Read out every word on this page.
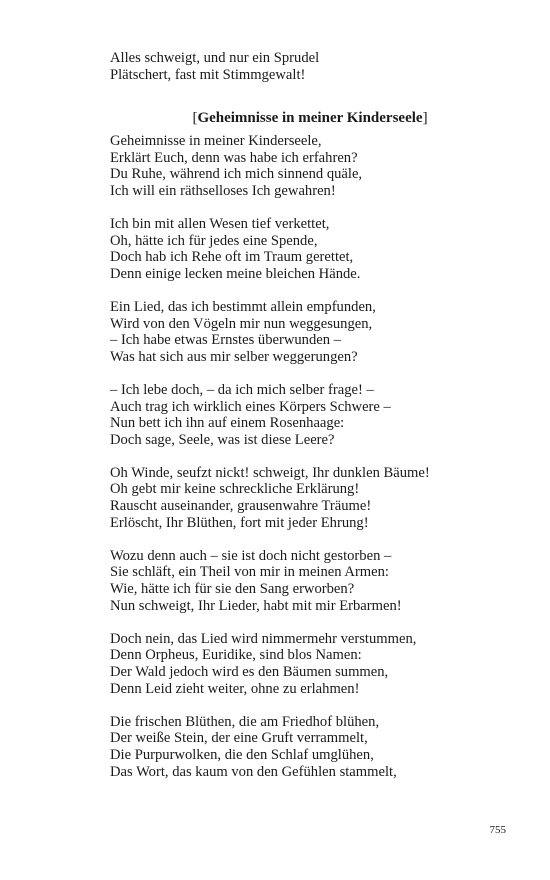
Alles schweigt, und nur ein Sprudel
Plätschert, fast mit Stimmgewalt!
[Geheimnisse in meiner Kinderseele]
Geheimnisse in meiner Kinderseele,
Erklärt Euch, denn was habe ich erfahren?
Du Ruhe, während ich mich sinnend quäle,
Ich will ein räthselloses Ich gewahren!
Ich bin mit allen Wesen tief verkettet,
Oh, hätte ich für jedes eine Spende,
Doch hab ich Rehe oft im Traum gerettet,
Denn einige lecken meine bleichen Hände.
Ein Lied, das ich bestimmt allein empfunden,
Wird von den Vögeln mir nun weggesungen,
– Ich habe etwas Ernstes überwunden –
Was hat sich aus mir selber weggerungen?
– Ich lebe doch, – da ich mich selber frage! –
Auch trag ich wirklich eines Körpers Schwere –
Nun bett ich ihn auf einem Rosenhaage:
Doch sage, Seele, was ist diese Leere?
Oh Winde, seufzt nickt! schweigt, Ihr dunklen Bäume!
Oh gebt mir keine schreckliche Erklärung!
Rauscht auseinander, grausenwahre Träume!
Erlöscht, Ihr Blüthen, fort mit jeder Ehrung!
Wozu denn auch – sie ist doch nicht gestorben –
Sie schläft, ein Theil von mir in meinen Armen:
Wie, hätte ich für sie den Sang erworben?
Nun schweigt, Ihr Lieder, habt mit mir Erbarmen!
Doch nein, das Lied wird nimmermehr verstummen,
Denn Orpheus, Euridike, sind blos Namen:
Der Wald jedoch wird es den Bäumen summen,
Denn Leid zieht weiter, ohne zu erlahmen!
Die frischen Blüthen, die am Friedhof blühen,
Der weiße Stein, der eine Gruft verrammelt,
Die Purpurwolken, die den Schlaf umglühen,
Das Wort, das kaum von den Gefühlen stammelt,
755
